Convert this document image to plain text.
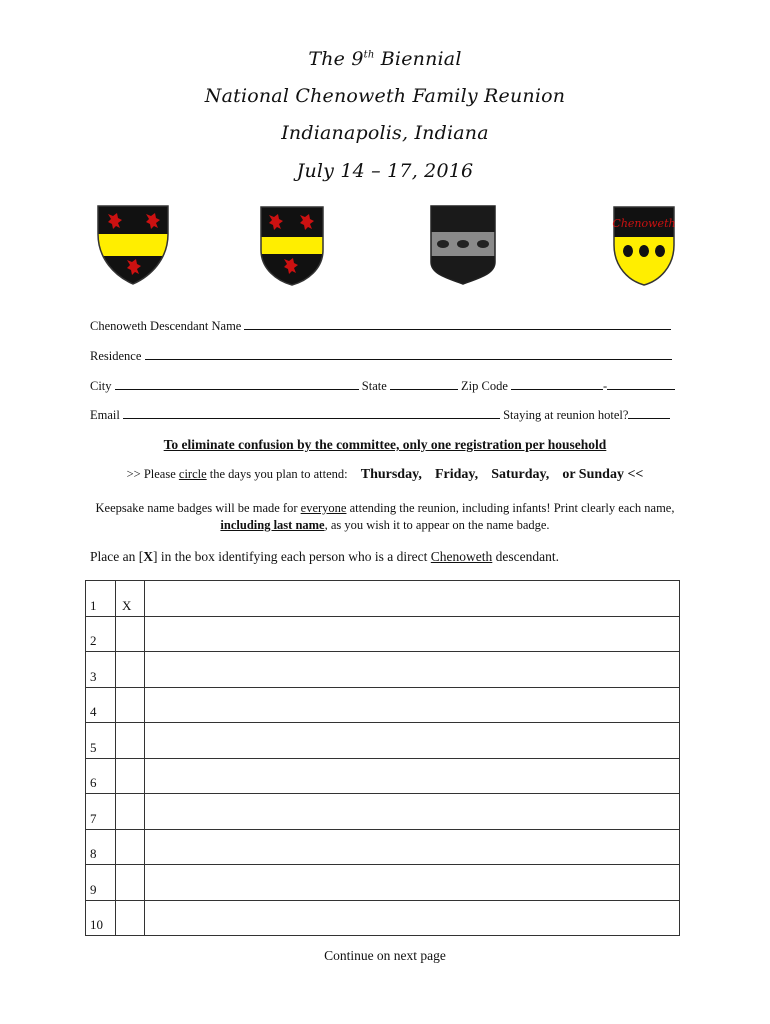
The 9th Biennial
National Chenoweth Family Reunion
Indianapolis, Indiana
July 14 – 17, 2016
Chenoweth
Chenoweth Descendant Name
Residence
City	State	Zip Code	-
Email	Staying at reunion hotel?
To eliminate confusion by the committee, only one registration per household
>> Please circle the days you plan to attend: Thursday, Friday, Saturday, or Sunday <<
Keepsake name badges will be made for everyone attending the reunion, including infants! Print clearly each name,
including last name, as you wish it to appear on the name badge.
Place an [X] in the box identifying each person who is a direct Chenoweth descendant.
1	X	
2		
3		
4		
5		
6		
7		
8		
9		
10		
Continue on next page
